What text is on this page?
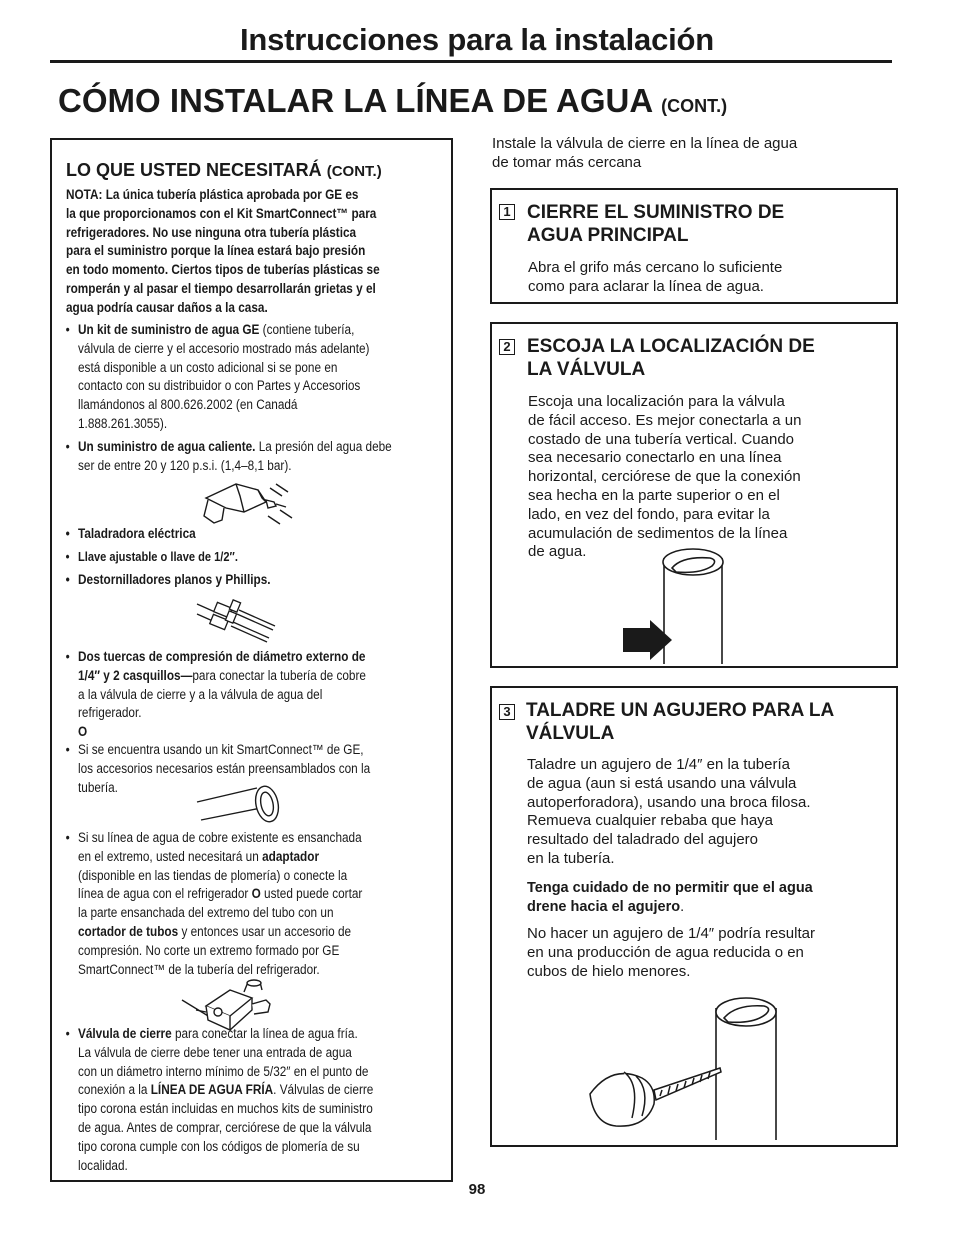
Instrucciones para la instalación
CÓMO INSTALAR LA LÍNEA DE AGUA (CONT.)
LO QUE USTED NECESITARÁ (CONT.)
NOTA: La única tubería plástica aprobada por GE es
la que proporcionamos con el Kit SmartConnect™ para
refrigeradores. No use ninguna otra tubería plástica
para el suministro porque la línea estará bajo presión
en todo momento. Ciertos tipos de tuberías plásticas se
romperán y al pasar el tiempo desarrollarán grietas y el
agua podría causar daños a la casa.
• Un kit de suministro de agua GE (contiene tubería,
válvula de cierre y el accesorio mostrado más adelante)
está disponible a un costo adicional si se pone en
contacto con su distribuidor o con Partes y Accesorios
llamándonos al 800.626.2002 (en Canadá
1.888.261.3055).
• Un suministro de agua caliente. La presión del agua debe
ser de entre 20 y 120 p.s.i. (1,4–8,1 bar).
• Taladradora eléctrica
• Llave ajustable o llave de 1/2″.
• Destornilladores planos y Phillips.
• Dos tuercas de compresión de diámetro externo de
1/4″ y 2 casquillos—para conectar la tubería de cobre
a la válvula de cierre y a la válvula de agua del
refrigerador.
O
• Si se encuentra usando un kit SmartConnect™ de GE,
los accesorios necesarios están preensamblados con la
tubería.
• Si su línea de agua de cobre existente es ensanchada
en el extremo, usted necesitará un adaptador
(disponible en las tiendas de plomería) o conecte la
línea de agua con el refrigerador O usted puede cortar
la parte ensanchada del extremo del tubo con un
cortador de tubos y entonces usar un accesorio de
compresión. No corte un extremo formado por GE
SmartConnect™ de la tubería del refrigerador.
• Válvula de cierre para conectar la línea de agua fría.
La válvula de cierre debe tener una entrada de agua
con un diámetro interno mínimo de 5/32″ en el punto de
conexión a la LÍNEA DE AGUA FRÍA. Válvulas de cierre
tipo corona están incluidas en muchos kits de suministro
de agua. Antes de comprar, cerciórese de que la válvula
tipo corona cumple con los códigos de plomería de su
localidad.
Instale la válvula de cierre en la línea de agua
de tomar más cercana
1 CIERRE EL SUMINISTRO DE
AGUA PRINCIPAL
Abra el grifo más cercano lo suficiente
como para aclarar la línea de agua.
2 ESCOJA LA LOCALIZACIÓN DE
LA VÁLVULA
Escoja una localización para la válvula
de fácil acceso. Es mejor conectarla a un
costado de una tubería vertical. Cuando
sea necesario conectarlo en una línea
horizontal, cerciórese de que la conexión
sea hecha en la parte superior o en el
lado, en vez del fondo, para evitar la
acumulación de sedimentos de la línea
de agua.
3 TALADRE UN AGUJERO PARA LA
VÁLVULA
Taladre un agujero de 1/4″ en la tubería
de agua (aun si está usando una válvula
autoperforadora), usando una broca filosa.
Remueva cualquier rebaba que haya
resultado del taladrado del agujero
en la tubería.
Tenga cuidado de no permitir que el agua
drene hacia el agujero.
No hacer un agujero de 1/4″ podría resultar
en una producción de agua reducida o en
cubos de hielo menores.
98
